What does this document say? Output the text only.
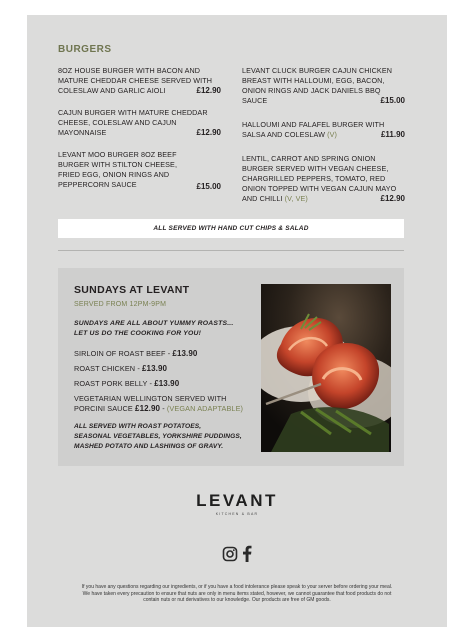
BURGERS
8OZ HOUSE BURGER WITH BACON AND MATURE CHEDDAR CHEESE SERVED WITH COLESLAW AND GARLIC AIOLI	£12.90
CAJUN BURGER WITH MATURE CHEDDAR CHEESE, COLESLAW AND CAJUN MAYONNAISE	£12.90
LEVANT MOO BURGER 8OZ BEEF BURGER WITH STILTON CHEESE, FRIED EGG, ONION RINGS AND PEPPERCORN SAUCE	£15.00
LEVANT CLUCK BURGER CAJUN CHICKEN BREAST WITH HALLOUMI, EGG, BACON, ONION RINGS AND JACK DANIELS BBQ SAUCE	£15.00
HALLOUMI AND FALAFEL BURGER WITH SALSA AND COLESLAW (V)	£11.90
LENTIL, CARROT AND SPRING ONION BURGER SERVED WITH VEGAN CHEESE, CHARGRILLED PEPPERS, TOMATO, RED ONION TOPPED WITH VEGAN CAJUN MAYO AND CHILLI (V, VE)	£12.90
ALL SERVED WITH HAND CUT CHIPS & SALAD
SUNDAYS AT LEVANT
SERVED FROM 12PM-9PM
SUNDAYS ARE ALL ABOUT YUMMY ROASTS...
LET US DO THE COOKING FOR YOU!
SIRLOIN OF ROAST BEEF - £13.90
ROAST CHICKEN - £13.90
ROAST PORK BELLY - £13.90
VEGETARIAN WELLINGTON SERVED WITH
PORCINI SAUCE £12.90 - (VEGAN ADAPTABLE)
ALL SERVED WITH ROAST POTATOES,
SEASONAL VEGETABLES, YORKSHIRE PUDDINGS,
MASHED POTATO AND LASHINGS OF GRAVY.
LEVANT
KITCHEN & BAR
If you have any questions regarding our ingredients, or if you have a food intolerance please speak to your server before ordering your meal.
We have taken every precaution to ensure that nuts are only in menu items stated, however, we cannot guarantee that food products do not
contain nuts or nut derivatives to our knowledge. Our products are free of GM goods.
